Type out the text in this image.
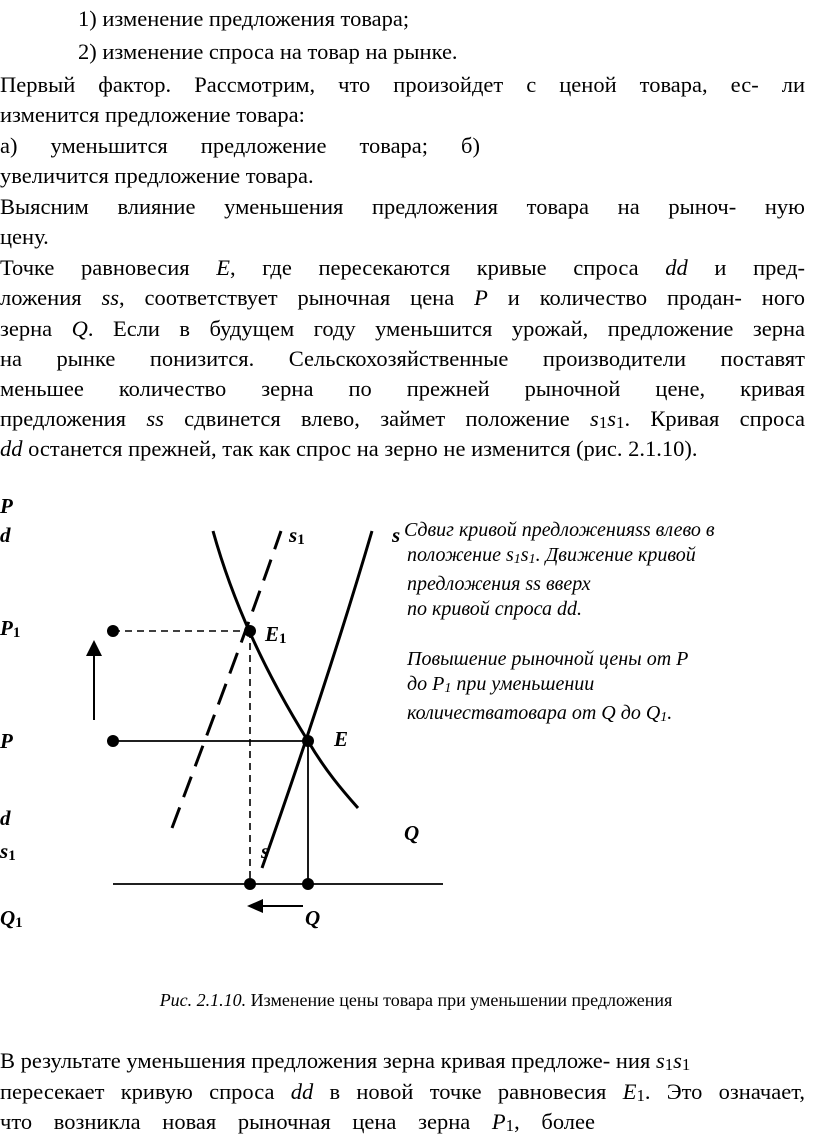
1) изменение предложения товара;
2) изменение спроса на товар на рынке.
Первый фактор. Рассмотрим, что произойдет с ценой товара, ес- ли
изменится предложение товара:
а) уменьшится предложение товара; б)
увеличится предложение товара.
Выясним влияние уменьшения предложения товара на рыноч- ную
цену.
Точке равновесия E, где пересекаются кривые спроса dd и пред-
ложения ss, соответствует рыночная цена P и количество продан- ного
зерна Q. Если в будущем году уменьшится урожай, предложение зерна
на рынке понизится. Сельскохозяйственные производители поставят
меньшее количество зерна по прежней рыночной цене, кривая
предложения ss сдвинется влево, займет положение s1s1. Кривая спроса
dd останется прежней, так как спрос на зерно не изменится (рис. 2.1.10).
P
d	s1	s
P1	E1
P	E
d
Q
s1	s
Q1	Q

Сдвиг кривой предложенияss влево в

положение s1s1. Движение кривой

предложения ss вверх

по кривой спроса dd.

Повышение рыночной цены от P

до P1 при уменьшении

количестватовара от Q до Q1.

Рис. 2.1.10. Изменение цены товара при уменьшении предложения
В результате уменьшения предложения зерна кривая предложе- ния s1s1
пересекает кривую спроса dd в новой точке равновесия E1. Это означает,
что возникла новая рыночная цена зерна P1, более
